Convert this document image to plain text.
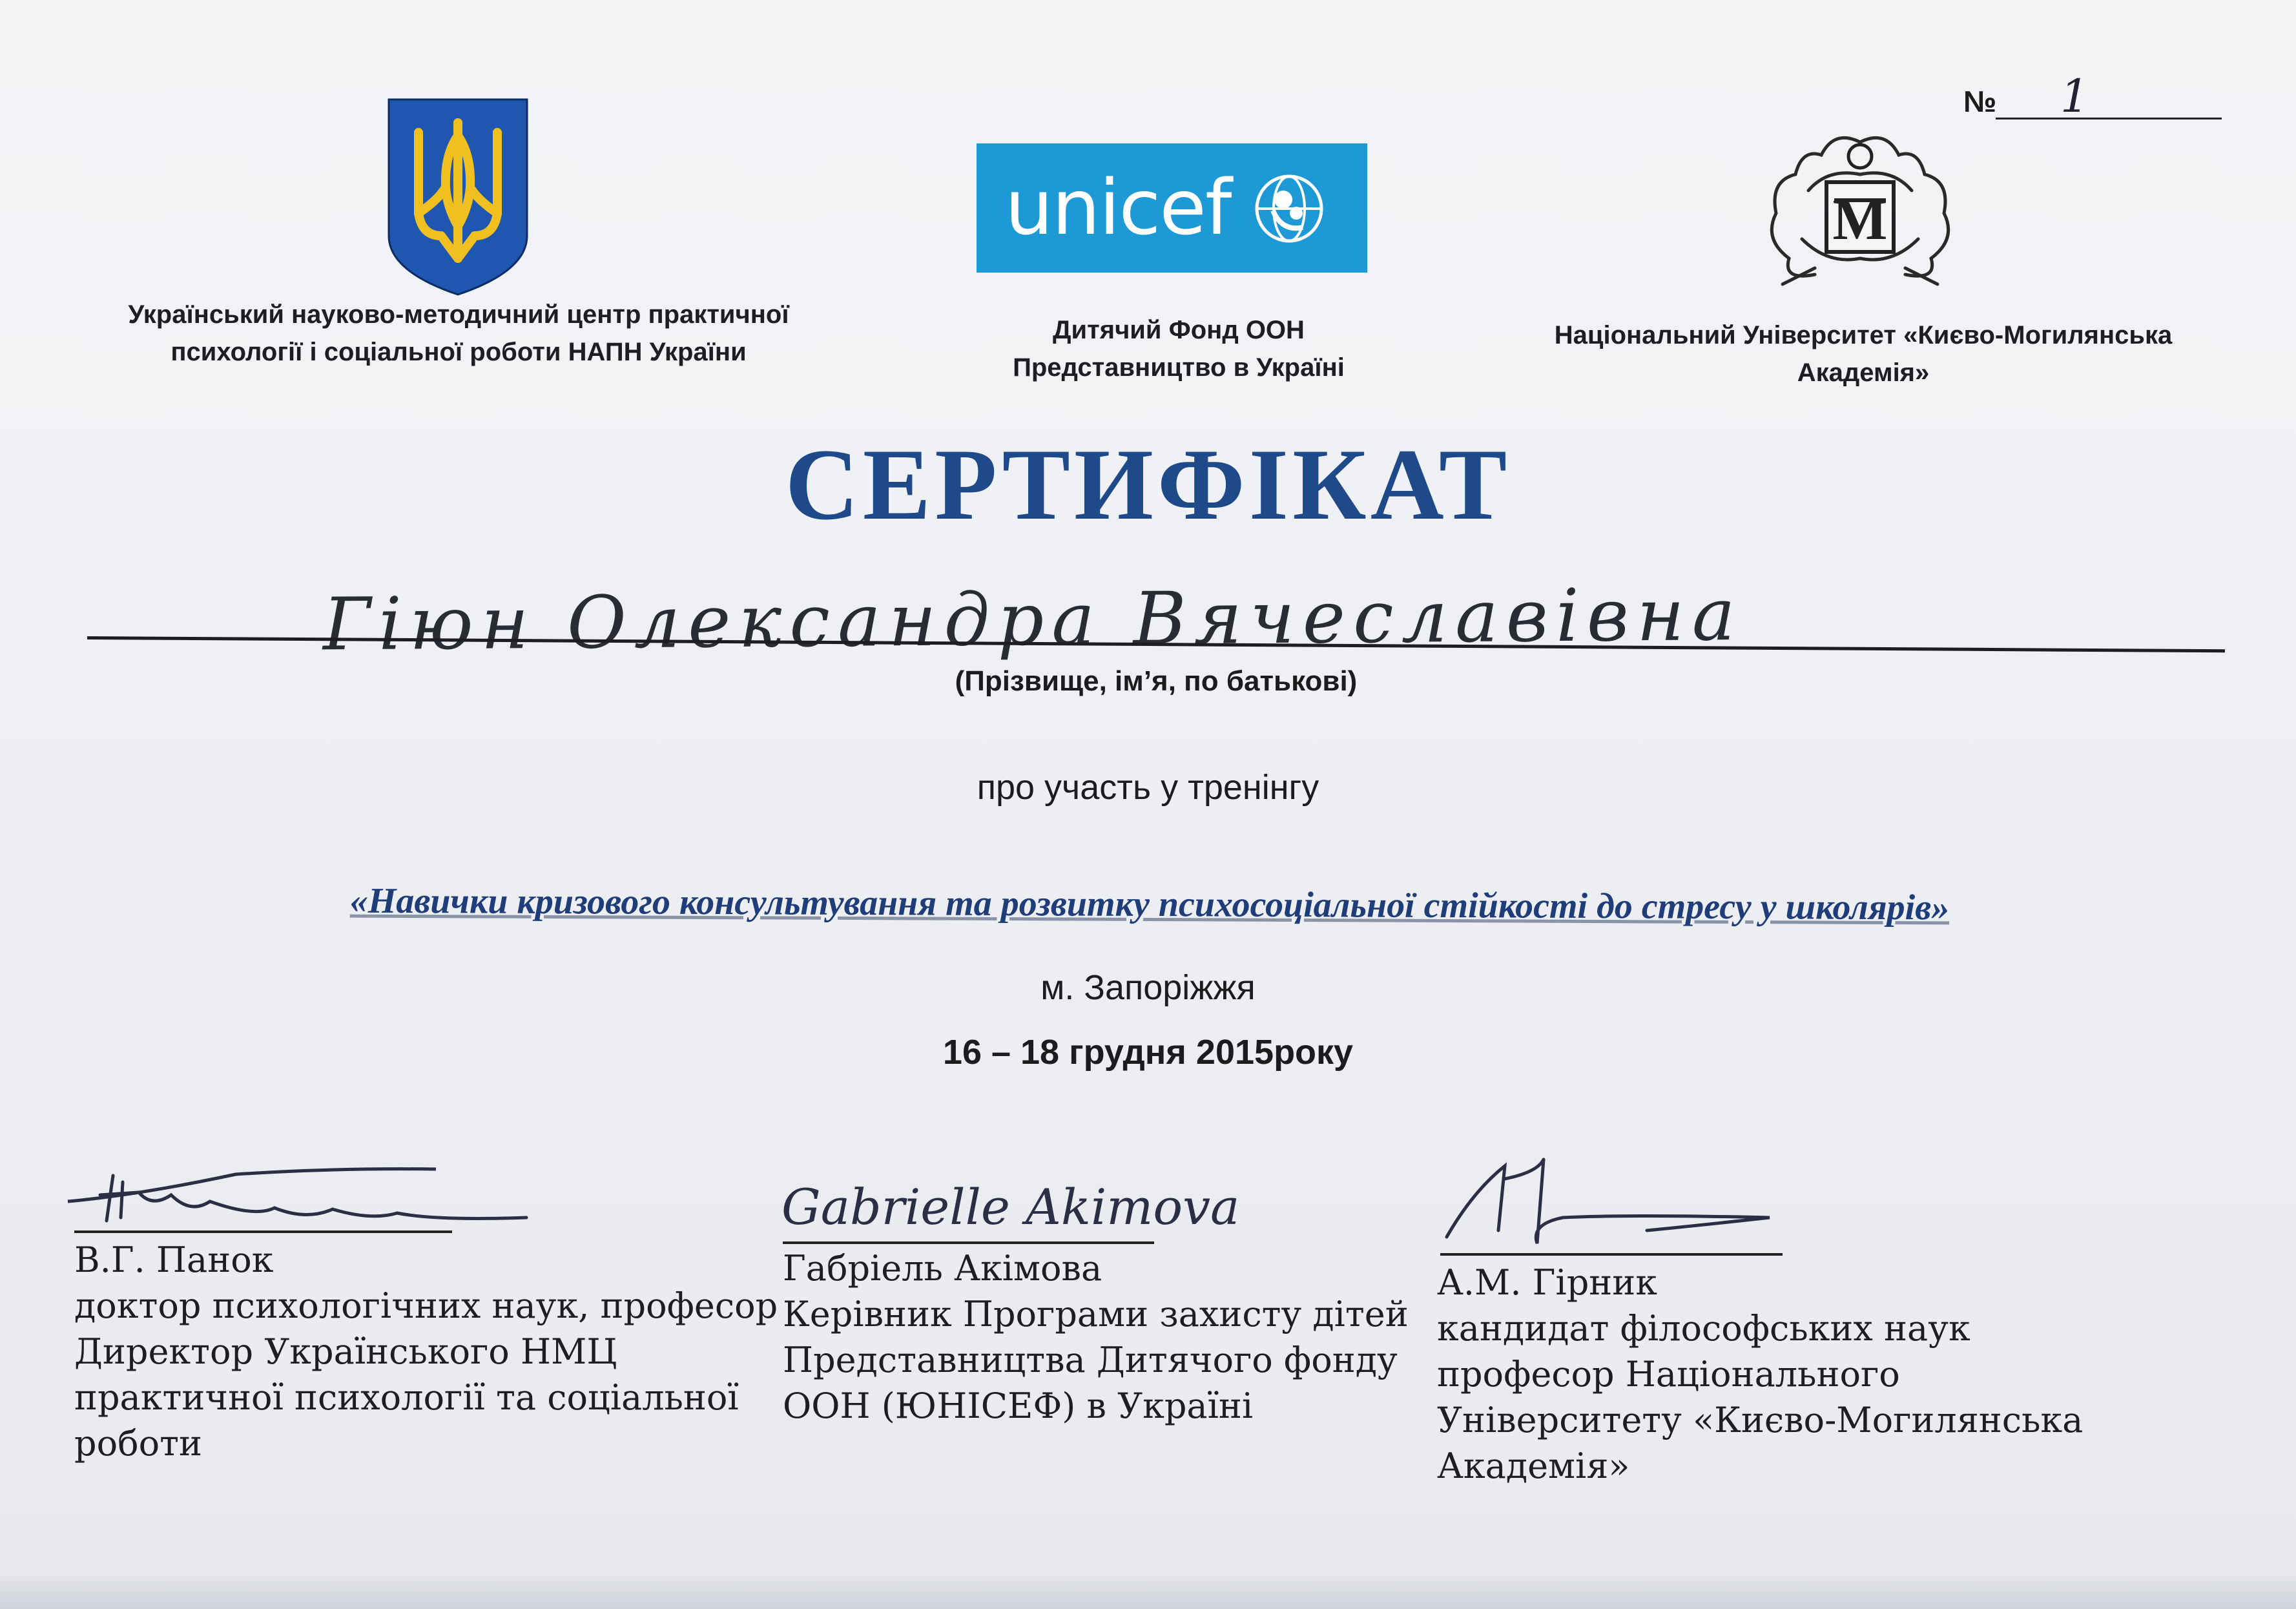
№ 1
Український науково-методичний центр практичної
психології і соціальної роботи НАПН України
unicef
Дитячий Фонд ООН
Представництво в Україні
M
Національний Університет «Києво-Могилянська
Академія»
СЕРТИФІКАТ
Гіюн Олександра Вячеславівна
(Прізвище, ім’я, по батькові)
про участь у тренінгу
«Навички кризового консультування та розвитку психосоціальної стійкості до стресу у школярів»
м. Запоріжжя
16 – 18 грудня 2015року
Gabrielle Akimova
В.Г. Панок
доктор психологічних наук, професор
Директор Українського НМЦ
практичної психології та соціальної
роботи
Габріель Акімова
Керівник Програми захисту дітей
Представництва Дитячого фонду
ООН (ЮНІСЕФ) в Україні
А.М. Гірник
кандидат філософських наук
професор Національного
Університету «Києво-Могилянська
Академія»
